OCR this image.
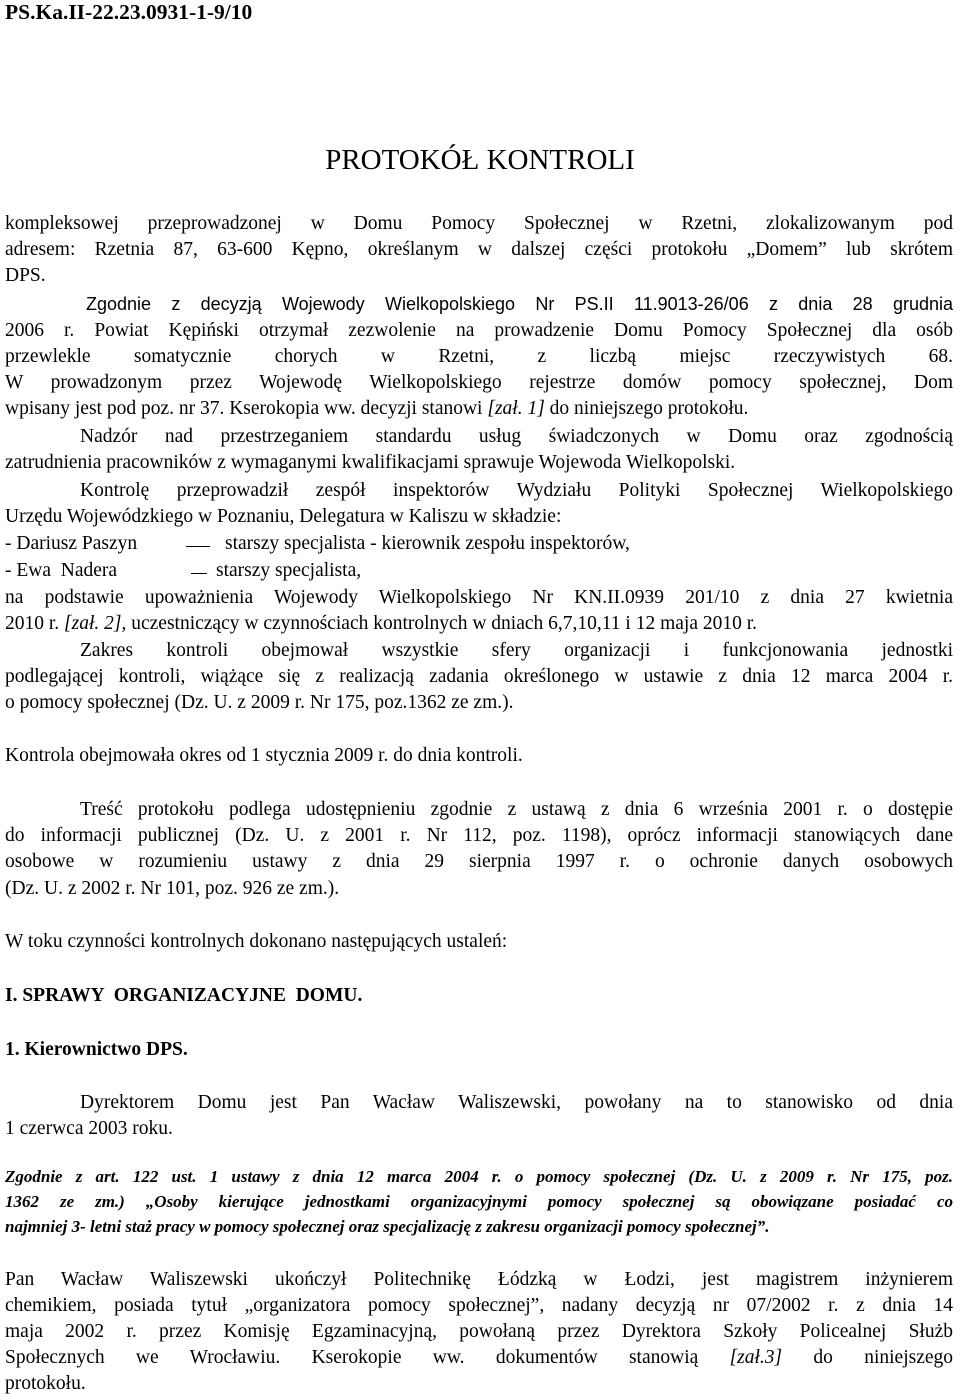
PS.Ka.II-22.23.0931-1-9/10
PROTOKÓŁ KONTROLI
kompleksowej przeprowadzonej w Domu Pomocy Społecznej w Rzetni, zlokalizowanym pod
adresem: Rzetnia 87, 63-600 Kępno, określanym w dalszej części protokołu „Domem” lub skrótem
DPS.
Zgodnie z decyzją Wojewody Wielkopolskiego Nr PS.II 11.9013-26/06 z dnia 28 grudnia
2006 r. Powiat Kępiński otrzymał zezwolenie na prowadzenie Domu Pomocy Społecznej dla osób
przewlekle somatycznie chorych w Rzetni, z liczbą miejsc rzeczywistych 68.
W prowadzonym przez Wojewodę Wielkopolskiego rejestrze domów pomocy społecznej, Dom
wpisany jest pod poz. nr 37. Kserokopia ww. decyzji stanowi [zał. 1] do niniejszego protokołu.
Nadzór nad przestrzeganiem standardu usług świadczonych w Domu oraz zgodnością
zatrudnienia pracowników z wymaganymi kwalifikacjami sprawuje Wojewoda Wielkopolski.
Kontrolę przeprowadził zespół inspektorów Wydziału Polityki Społecznej Wielkopolskiego
Urzędu Wojewódzkiego w Poznaniu, Delegatura w Kaliszu w składzie:
- Dariusz Paszyn	starszy specjalista - kierownik zespołu inspektorów,
- Ewa  Nadera	starszy specjalista,
na podstawie upoważnienia Wojewody Wielkopolskiego Nr KN.II.0939 201/10 z dnia 27 kwietnia
2010 r. [zał. 2], uczestniczący w czynnościach kontrolnych w dniach 6,7,10,11 i 12 maja 2010 r.
Zakres kontroli obejmował wszystkie sfery organizacji i funkcjonowania jednostki
podlegającej kontroli, wiążące się z realizacją zadania określonego w ustawie z dnia 12 marca 2004 r.
o pomocy społecznej (Dz. U. z 2009 r. Nr 175, poz.1362 ze zm.).
Kontrola obejmowała okres od 1 stycznia 2009 r. do dnia kontroli.
Treść protokołu podlega udostępnieniu zgodnie z ustawą z dnia 6 września 2001 r. o dostępie
do informacji publicznej (Dz. U. z 2001 r. Nr 112, poz. 1198), oprócz informacji stanowiących dane
osobowe w rozumieniu ustawy z dnia 29 sierpnia 1997 r. o ochronie danych osobowych
(Dz. U. z 2002 r. Nr 101, poz. 926 ze zm.).
W toku czynności kontrolnych dokonano następujących ustaleń:
I. SPRAWY  ORGANIZACYJNE  DOMU.
1. Kierownictwo DPS.
Dyrektorem Domu jest Pan Wacław Waliszewski, powołany na to stanowisko od dnia
1 czerwca 2003 roku.
Zgodnie z art. 122 ust. 1 ustawy z dnia 12 marca 2004 r. o pomocy społecznej (Dz. U. z 2009 r. Nr 175, poz.
1362 ze zm.) „Osoby kierujące jednostkami organizacyjnymi pomocy społecznej są obowiązane posiadać co
najmniej 3- letni staż pracy w pomocy społecznej oraz specjalizację z zakresu organizacji pomocy społecznej”.
Pan Wacław Waliszewski ukończył Politechnikę Łódzką w Łodzi, jest magistrem inżynierem
chemikiem, posiada tytuł „organizatora pomocy społecznej”, nadany decyzją nr 07/2002 r. z dnia 14
maja 2002 r. przez Komisję Egzaminacyjną, powołaną przez Dyrektora Szkoły Policealnej Służb
Społecznych we Wrocławiu. Kserokopie ww. dokumentów stanowią [zał.3] do niniejszego
protokołu.
